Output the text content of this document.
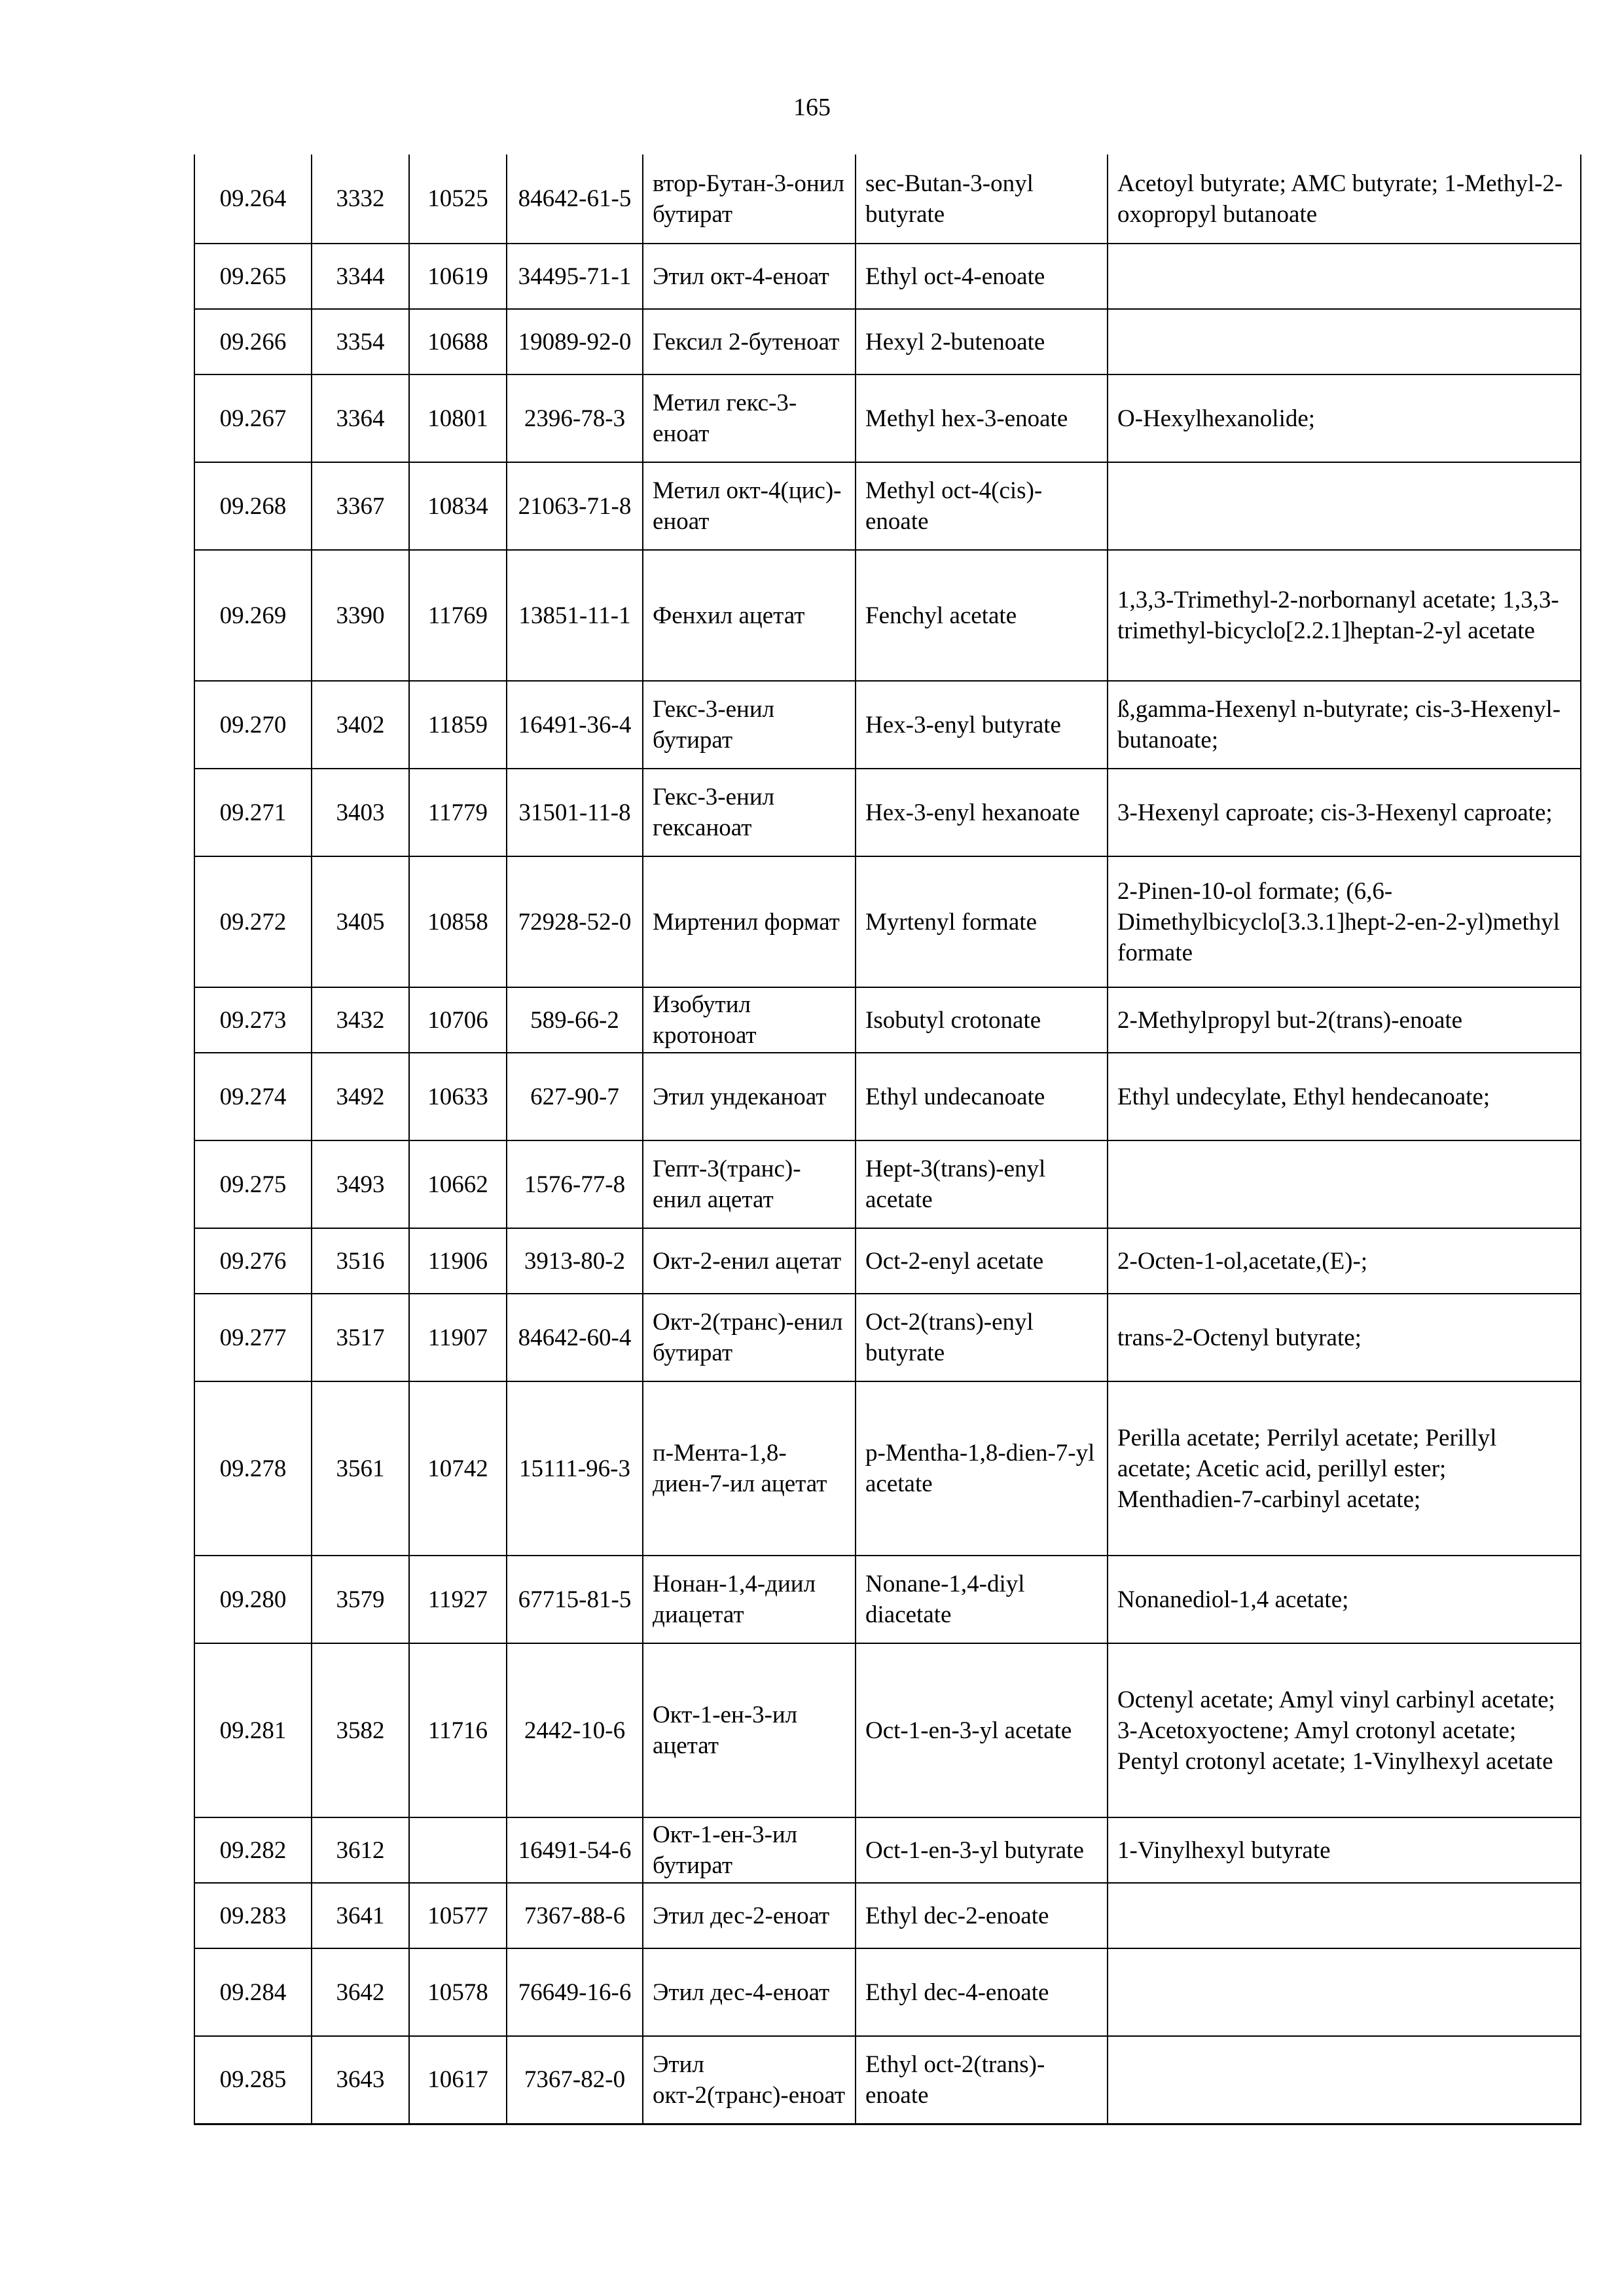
165
09.264	3332	10525	84642-61-5	втор-Бутан-3-онил бутират	sec-Butan-3-onyl butyrate	Acetoyl butyrate; AMC butyrate; 1-Methyl-2-oxopropyl butanoate
09.265	3344	10619	34495-71-1	Этил окт-4-еноат	Ethyl oct-4-enoate	
09.266	3354	10688	19089-92-0	Гексил 2-бутеноат	Hexyl 2-butenoate	
09.267	3364	10801	2396-78-3	Метил гекс-3-еноат	Methyl hex-3-enoate	O-Hexylhexanolide;
09.268	3367	10834	21063-71-8	Метил окт-4(цис)-еноат	Methyl oct-4(cis)-enoate	
09.269	3390	11769	13851-11-1	Фенхил ацетат	Fenchyl acetate	1,3,3-Trimethyl-2-norbornanyl acetate; 1,3,3-trimethyl-bicyclo[2.2.1]heptan-2-yl acetate
09.270	3402	11859	16491-36-4	Гекс-3-енил бутират	Hex-3-enyl butyrate	ß,gamma-Hexenyl n-butyrate; cis-3-Hexenyl-butanoate;
09.271	3403	11779	31501-11-8	Гекс-3-енил гексаноат	Hex-3-enyl hexanoate	3-Hexenyl caproate; cis-3-Hexenyl caproate;
09.272	3405	10858	72928-52-0	Миртенил формат	Myrtenyl formate	2-Pinen-10-ol formate; (6,6-Dimethylbicyclo[3.3.1]hept-2-en-2-yl)methyl formate
09.273	3432	10706	589-66-2	Изобутил кротоноат	Isobutyl crotonate	2-Methylpropyl but-2(trans)-enoate
09.274	3492	10633	627-90-7	Этил ундеканоат	Ethyl undecanoate	Ethyl undecylate, Ethyl hendecanoate;
09.275	3493	10662	1576-77-8	Гепт-3(транс)-енил ацетат	Hept-3(trans)-enyl acetate	
09.276	3516	11906	3913-80-2	Окт-2-енил ацетат	Oct-2-enyl acetate	2-Octen-1-ol,acetate,(E)-;
09.277	3517	11907	84642-60-4	Окт-2(транс)-енил бутират	Oct-2(trans)-enyl butyrate	trans-2-Octenyl butyrate;
09.278	3561	10742	15111-96-3	п-Мента-1,8-диен-7-ил ацетат	p-Mentha-1,8-dien-7-yl acetate	Perilla acetate; Perrilyl acetate; Perillyl acetate; Acetic acid, perillyl ester; Menthadien-7-carbinyl acetate;
09.280	3579	11927	67715-81-5	Нонан-1,4-диил диацетат	Nonane-1,4-diyl diacetate	Nonanediol-1,4 acetate;
09.281	3582	11716	2442-10-6	Окт-1-ен-3-ил ацетат	Oct-1-en-3-yl acetate	Octenyl acetate; Amyl vinyl carbinyl acetate; 3-Acetoxyoctene; Amyl crotonyl acetate; Pentyl crotonyl acetate; 1-Vinylhexyl acetate
09.282	3612		16491-54-6	Окт-1-ен-3-ил бутират	Oct-1-en-3-yl butyrate	1-Vinylhexyl butyrate
09.283	3641	10577	7367-88-6	Этил дес-2-еноат	Ethyl dec-2-enoate	
09.284	3642	10578	76649-16-6	Этил дес-4-еноат	Ethyl dec-4-enoate	
09.285	3643	10617	7367-82-0	Этил окт-2(транс)-еноат	Ethyl oct-2(trans)-enoate	
